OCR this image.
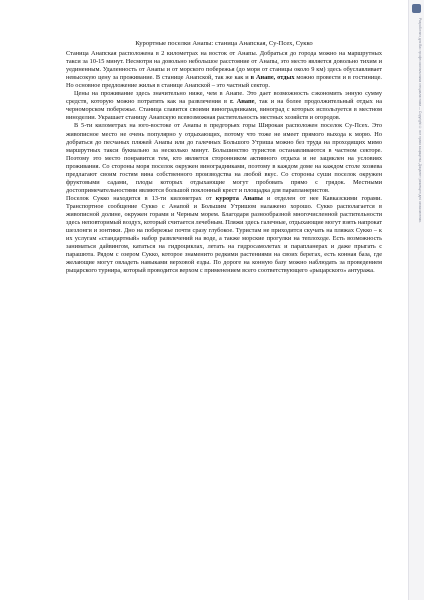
Курортные поселки Анапы: станица Анапская, Су-Псех, Сукко

Станица Анапская расположена в 2 километрах на восток от Анапы. Добраться до города можно на маршрутных такси за 10-15 минут. Несмотря на довольно небольшое расстояние от Анапы, это место является довольно тихим и уединенным. Удаленность от Анапы и от морского побережья (до моря от станицы около 9 км) здесь обуславливает невысокую цену за проживание. В станице Анапской, так же как и в Анапе, отдых можно провести и в гостинице. Но основное предложение жилья в станице Анапской – это частный сектор.

Цены на проживание здесь значительно ниже, чем в Анапе. Это дает возможность сэкономить энную сумму средств, которую можно потратить как на развлечения в г. Анапе, так и на более продолжительный отдых на черноморском побережье. Станица славится своими виноградниками, виноград с которых используется в местном виноделии. Украшает станицу Анапскую всевозможная растительность местных хозяйств и огородов.

В 5-ти километрах на юго-востоке от Анапы в предгорьях горы Широкая расположен поселок Су-Псех. Это живописное место не очень популярно у отдыхающих, потому что тоже не имеет прямого выхода к морю. Но добраться до песчаных пляжей Анапы или до галечных Большого Утриша можно без труда на проходящих мимо маршрутных такси буквально за несколько минут. Большинство туристов останавливаются в частном секторе. Поэтому это место понравится тем, кто является сторонником активного отдыха и не зациклен на условиях проживания. Со стороны моря поселок окружен виноградниками, поэтому в каждом доме на каждом столе хозяева предлагают своим гостям вина собственного производства на любой вкус. Со стороны суши поселок окружен фруктовыми садами, плоды которых отдыхающие могут пробовать прямо с грядок. Местными достопримечательностями являются большой поклонный крест и площадка для парапланеристов.

Поселок Сукко находится в 13-ти километрах от курорта Анапы и отделен от нее Кавказскими горами. Транспортное сообщение Сукко с Анапой и Большим Утришом налажено хорошо. Сукко располагается в живописной долине, окружен горами и Черным морем. Благодаря разнообразной многочисленной растительности здесь неповторимый воздух, который считается лечебным. Пляжи здесь галечные, отдыхающие могут взять напрокат шезлонги и зонтики. Дно на побережье почти сразу глубокое. Туристам не приходится скучать на пляжах Сукко – к их услугам «стандартный» набор развлечений на воде, а также морские прогулки на теплоходе. Есть возможность заниматься дайвингом, кататься на гидроциклах, летать на гидросамолетах и парапланерах и даже прыгать с парашюта. Рядом с озером Сукко, которое знаменито редкими растениями на своих берегах, есть конная база, где желающие могут овладеть навыками верховой езды. По дороге на конную базу можно наблюдать за проведением рыцарского турнира, который проводится верхом с применением всего соответствующего «рыцарского» антуража.

Разработано для Вас профессиональными специалистами — Copyright © все права защищены. Документ размещен для ознакомления.
